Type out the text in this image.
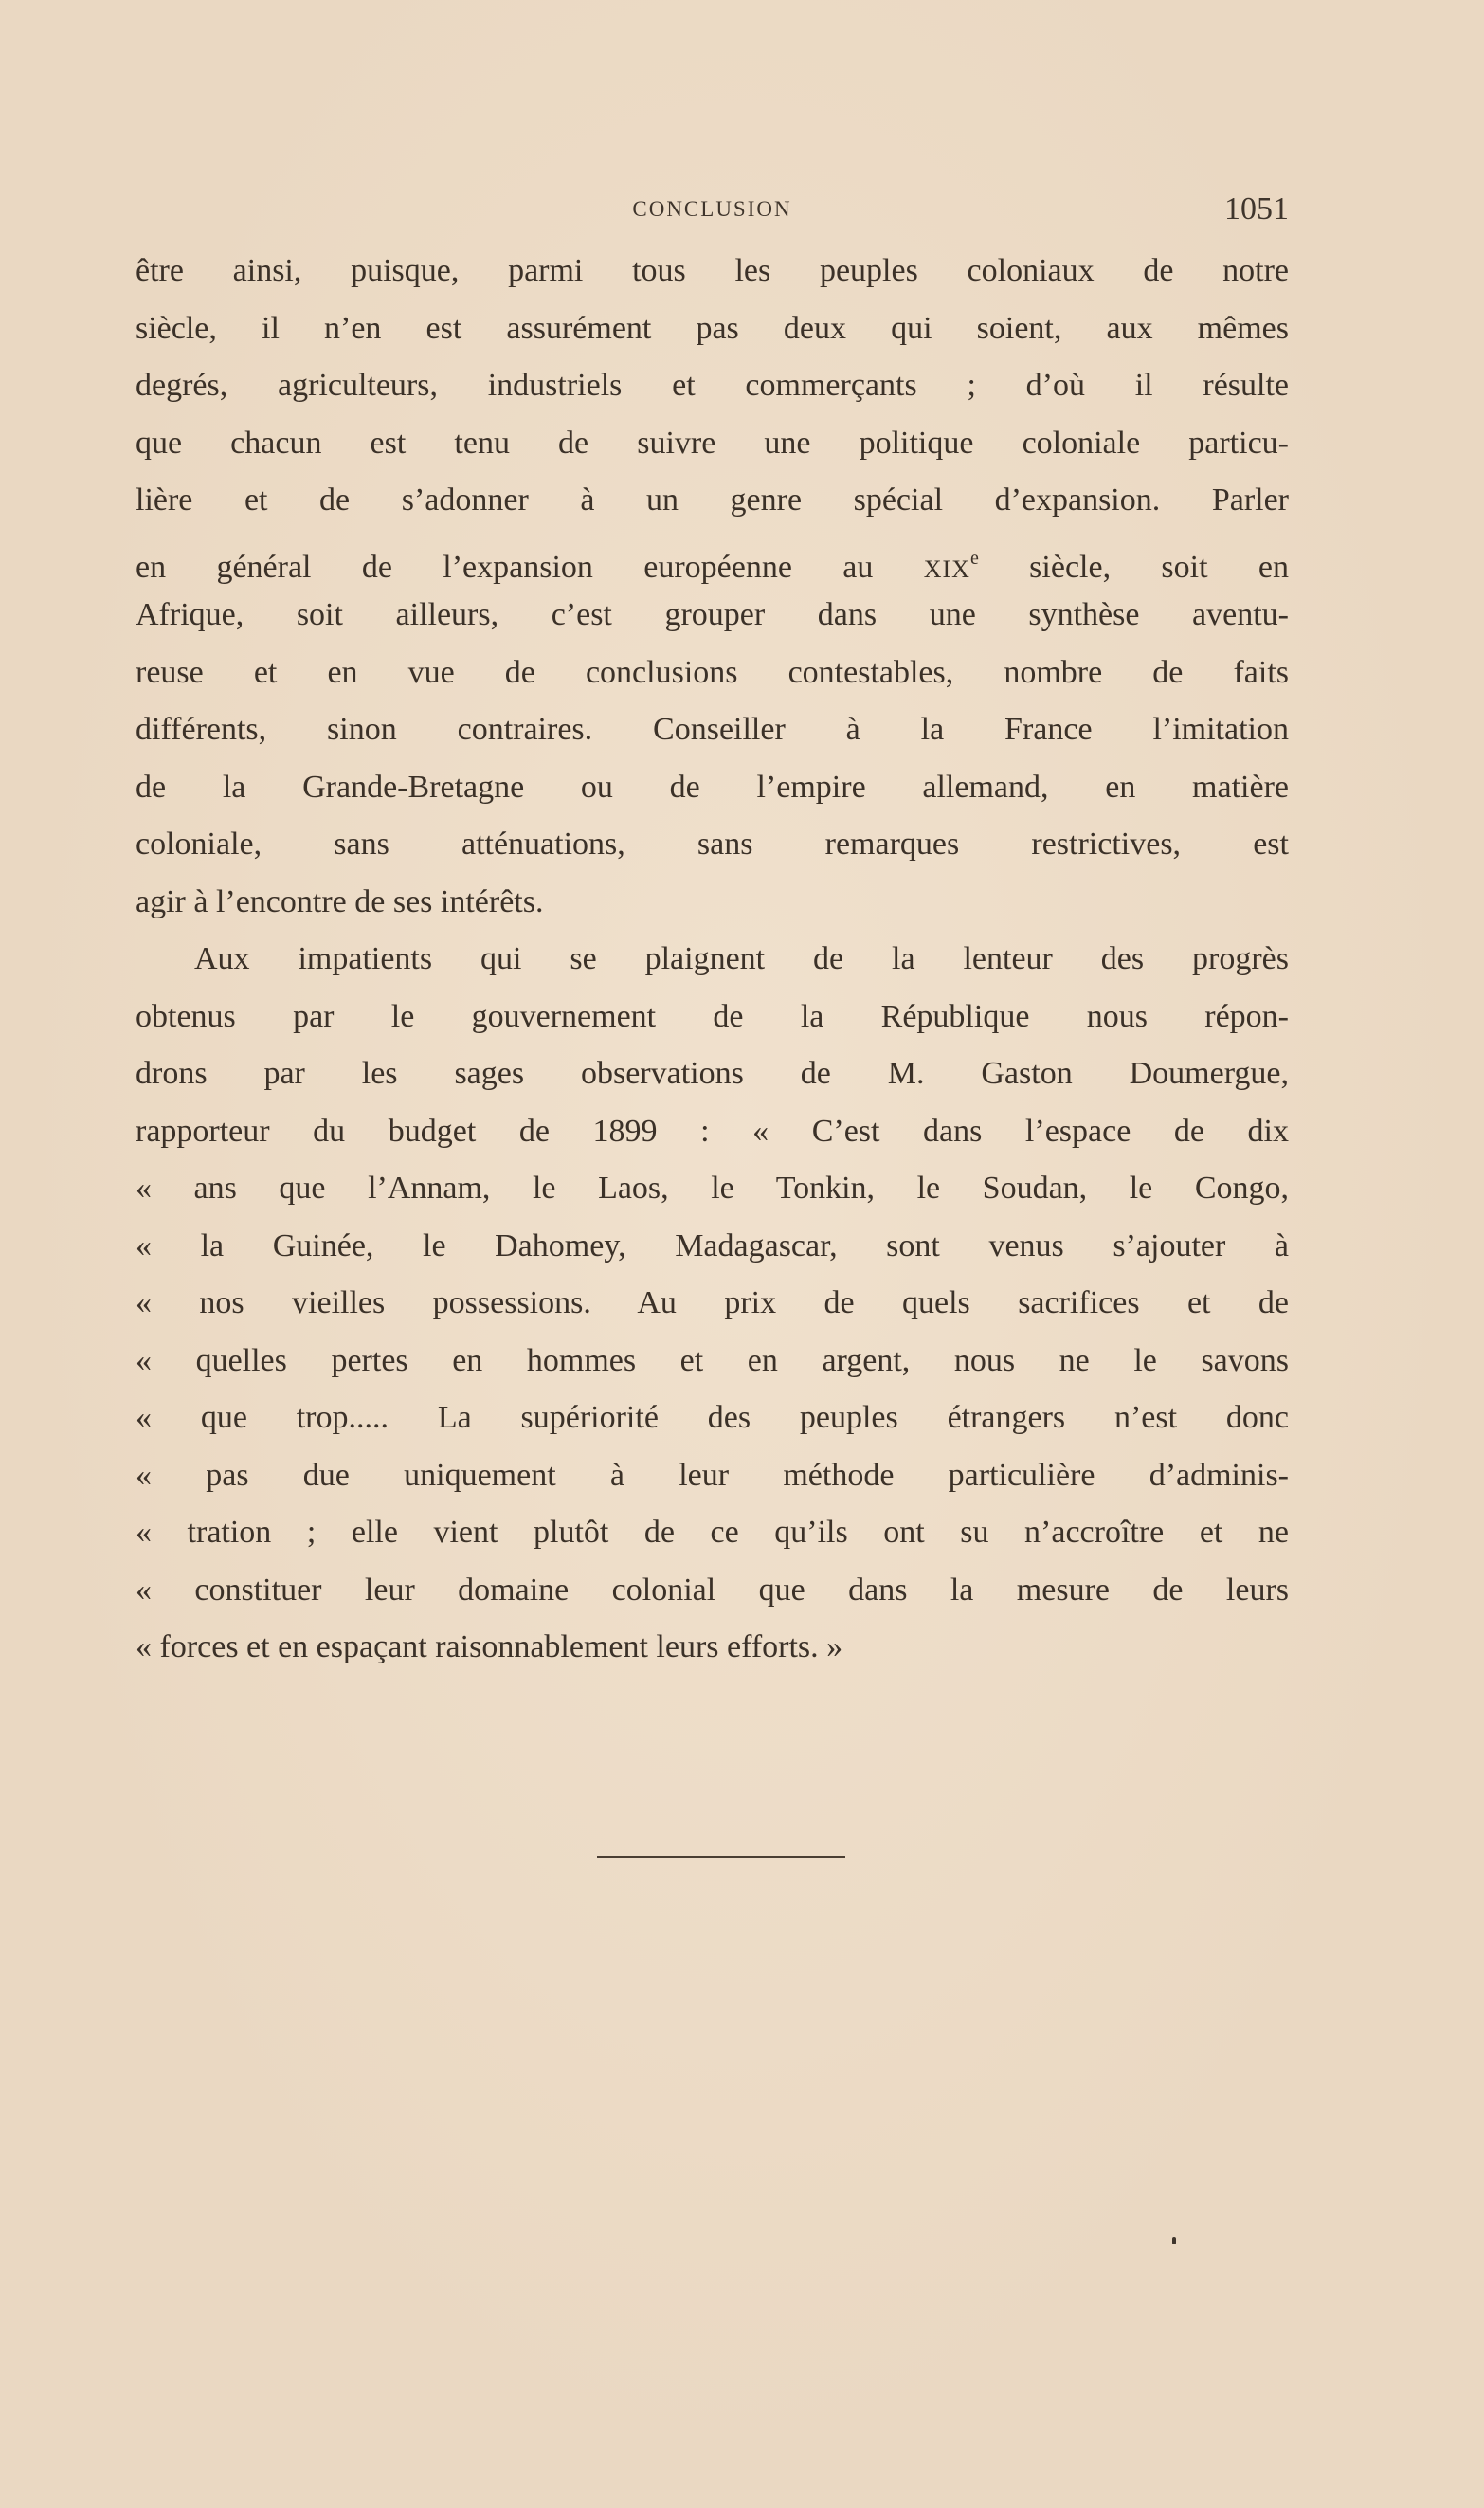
CONCLUSION	1051
être ainsi, puisque, parmi tous les peuples coloniaux de notre
siècle, il n’en est assurément pas deux qui soient, aux mêmes
degrés, agriculteurs, industriels et commerçants ; d’où il résulte
que chacun est tenu de suivre une politique coloniale particu-
lière et de s’adonner à un genre spécial d’expansion. Parler
en général de l’expansion européenne au XIXe siècle, soit en
Afrique, soit ailleurs, c’est grouper dans une synthèse aventu-
reuse et en vue de conclusions contestables, nombre de faits
différents, sinon contraires. Conseiller à la France l’imitation
de la Grande-Bretagne ou de l’empire allemand, en matière
coloniale, sans atténuations, sans remarques restrictives, est
agir à l’encontre de ses intérêts.
Aux impatients qui se plaignent de la lenteur des progrès
obtenus par le gouvernement de la République nous répon-
drons par les sages observations de M. Gaston Doumergue,
rapporteur du budget de 1899 : « C’est dans l’espace de dix
« ans que l’Annam, le Laos, le Tonkin, le Soudan, le Congo,
« la Guinée, le Dahomey, Madagascar, sont venus s’ajouter à
« nos vieilles possessions. Au prix de quels sacrifices et de
« quelles pertes en hommes et en argent, nous ne le savons
« que trop..... La supériorité des peuples étrangers n’est donc
« pas due uniquement à leur méthode particulière d’adminis-
« tration ; elle vient plutôt de ce qu’ils ont su n’accroître et ne
« constituer leur domaine colonial que dans la mesure de leurs
« forces et en espaçant raisonnablement leurs efforts. »
